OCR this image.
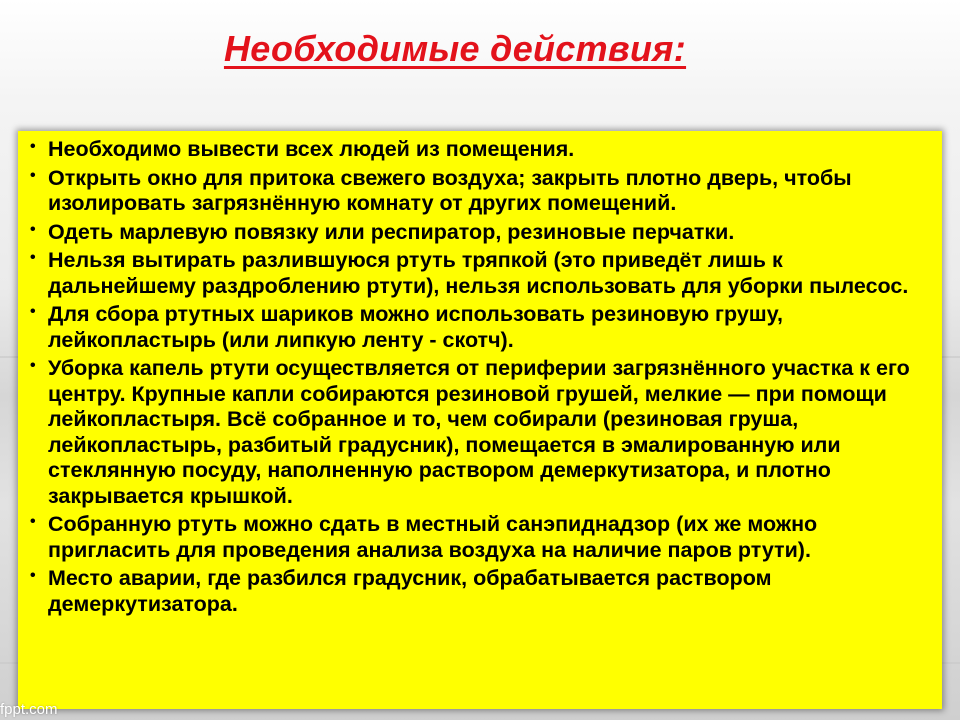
Необходимые действия:
• Необходимо вывести всех людей из помещения.
• Открыть окно для притока свежего воздуха; закрыть плотно дверь, чтобы изолировать загрязнённую комнату от других помещений.
• Одеть марлевую повязку или респиратор, резиновые перчатки.
• Нельзя вытирать разлившуюся ртуть тряпкой (это приведёт лишь к дальнейшему раздроблению ртути), нельзя использовать для уборки пылесос.
• Для сбора ртутных шариков можно использовать резиновую грушу, лейкопластырь (или липкую ленту - скотч).
• Уборка капель ртути осуществляется от периферии загрязнённого участка к его центру. Крупные капли собираются резиновой грушей, мелкие — при помощи лейкопластыря. Всё собранное и то, чем собирали (резиновая груша, лейкопластырь, разбитый градусник), помещается в эмалированную или стеклянную посуду, наполненную раствором демеркутизатора, и плотно закрывается крышкой.
• Собранную ртуть можно сдать в местный санэпиднадзор (их же можно пригласить для проведения анализа воздуха на наличие паров ртути).
• Место аварии, где разбился градусник, обрабатывается раствором демеркутизатора.
fppt.com
